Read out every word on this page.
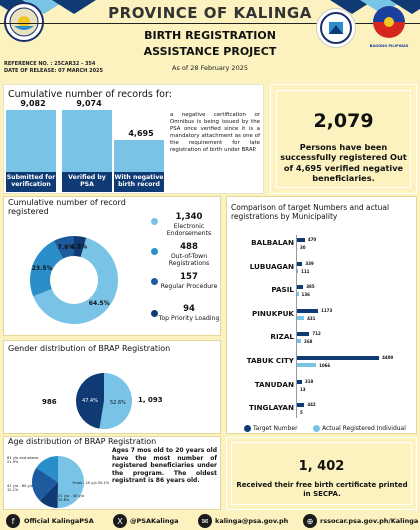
PROVINCE OF KALINGA
BIRTH REGISTRATION
ASSISTANCE PROJECT
As of 28 February 2025
REFERENCE NO. : 25CAR32 - 354
DATE OF RELEASE: 07 MARCH 2025
BAGONG PILIPINAS
Cumulative number of records for:
a negative certification or Omnibus is being issued by the PSA once verified since it is a mandatory attachment as one of the requirement for late registration of birth under BRAP.
2,079
Persons have been successfully registered Out of 4,695 verified negative beneficiaries.
Cumulative number of record registered
64.5%
23.5%
7.6%
4.5%
Comparison of target Numbers and actual registrations by Municipality
Target Number	Actual Registered Individual
Gender distribution of BRAP Registration
52.6%
47.4%
986	1, 093
Age distribution of BRAP Registration
61 y/o and above 21.9%
41 y/o - 60 y/o 12.1%
21 y/o - 40 y/o 15.8%
7mos - 20 y/o 50.1%
Ages 7 mos old to 20 years old have the most number of registered beneficiaries under the program. The oldest registrant is 86 years old.
1, 402
Received their free birth certificate printed in SECPA.
f	Official KalingaPSA	X	@PSAKalinga	✉	kalinga@psa.gov.ph	⊕	rssocar.psa.gov.ph/Kalinga
9,082
Submitted for verification
9,074
Verified by PSA
4,695
With negative birth record
1,340
Electronic Endorsements
488
Out-of-Town Registrations
157
Regular Procedure
94
Top Priority Loading
BALBALAN	470
30
LUBUAGAN	339
111
PASIL	385
136
PINUKPUK	1173
431
RIZAL	712
268
TABUK CITY	4409
1066
TANUDAN	318
13
TINGLAYAN	442
5
